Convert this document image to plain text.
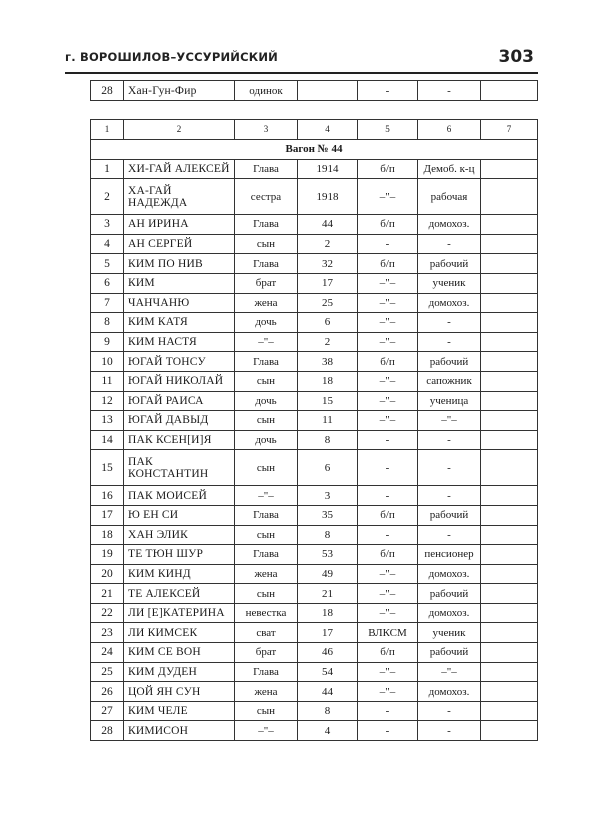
г. ВОРОШИЛОВ–УССУРИЙСКИЙ	303
28	Хан-Гун-Фир	одинок		-	-	
1	2	3	4	5	6	7
Вагон № 44						
1	ХИ-ГАЙ АЛЕКСЕЙ	Глава	1914	б/п	Демоб. к-ц	
2	ХА-ГАЙ НАДЕЖДА	сестра	1918	–"–	рабочая	
3	АН ИРИНА	Глава	44	б/п	домохоз.	
4	АН СЕРГЕЙ	сын	2	-	-	
5	КИМ ПО НИВ	Глава	32	б/п	рабочий	
6	КИМ	брат	17	–"–	ученик	
7	ЧАНЧАНЮ	жена	25	–"–	домохоз.	
8	КИМ КАТЯ	дочь	6	–"–	-	
9	КИМ НАСТЯ	–"–	2	–"–	-	
10	ЮГАЙ ТОНСУ	Глава	38	б/п	рабочий	
11	ЮГАЙ НИКОЛАЙ	сын	18	–"–	сапожник	
12	ЮГАЙ РАИСА	дочь	15	–"–	ученица	
13	ЮГАЙ ДАВЫД	сын	11	–"–	–"–	
14	ПАК КСЕН[И]Я	дочь	8	-	-	
15	ПАК КОНСТАНТИН	сын	6	-	-	
16	ПАК МОИСЕЙ	–"–	3	-	-	
17	Ю ЕН СИ	Глава	35	б/п	рабочий	
18	ХАН ЭЛИК	сын	8	-	-	
19	ТЕ ТЮН ШУР	Глава	53	б/п	пенсионер	
20	КИМ КИНД	жена	49	–"–	домохоз.	
21	ТЕ АЛЕКСЕЙ	сын	21	–"–	рабочий	
22	ЛИ [Е]КАТЕРИНА	невестка	18	–"–	домохоз.	
23	ЛИ КИМСЕК	сват	17	ВЛКСМ	ученик	
24	КИМ СЕ ВОН	брат	46	б/п	рабочий	
25	КИМ ДУДЕН	Глава	54	–"–	–"–	
26	ЦОЙ ЯН СУН	жена	44	–"–	домохоз.	
27	КИМ ЧЕЛЕ	сын	8	-	-	
28	КИМИСОН	–"–	4	-	-	
